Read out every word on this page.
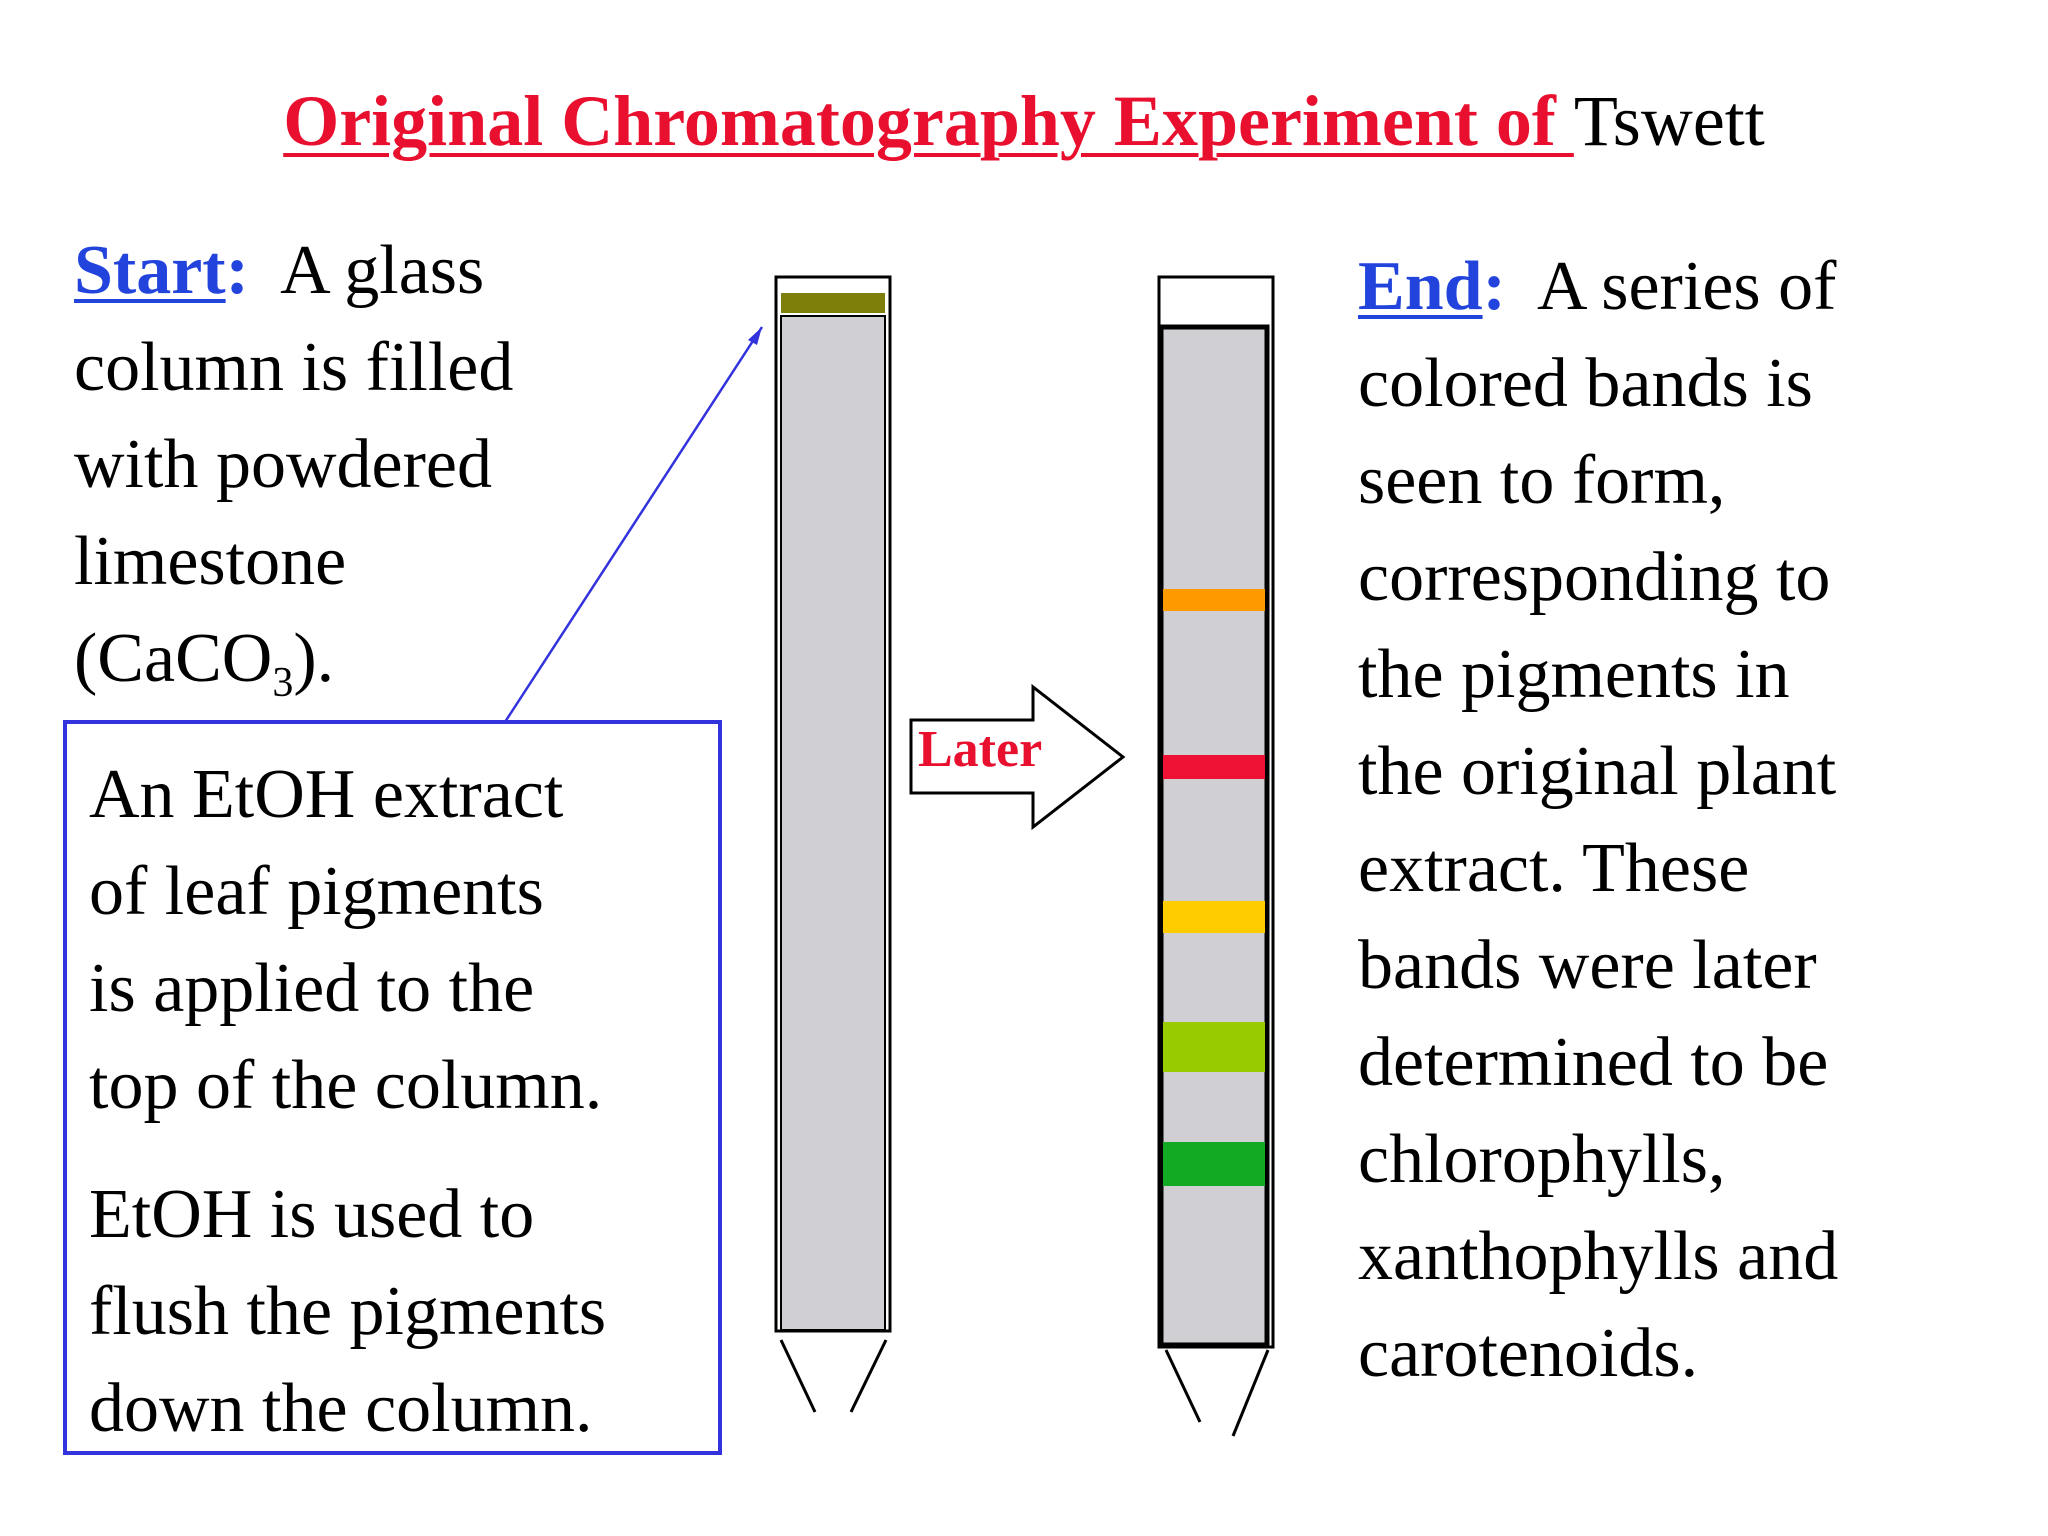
Original Chromatography Experiment of Tswett
Start: A glass
column is filled
with powdered
limestone
(CaCO$_3$).
An EtOH extract
of leaf pigments
is applied to the
top of the column.
EtOH is used to
flush the pigments
down the column.
End: A series of
colored bands is
seen to form,
corresponding to
the pigments in
the original plant
extract. These
bands were later
determined to be
chlorophylls,
xanthophylls and
carotenoids.
Later
